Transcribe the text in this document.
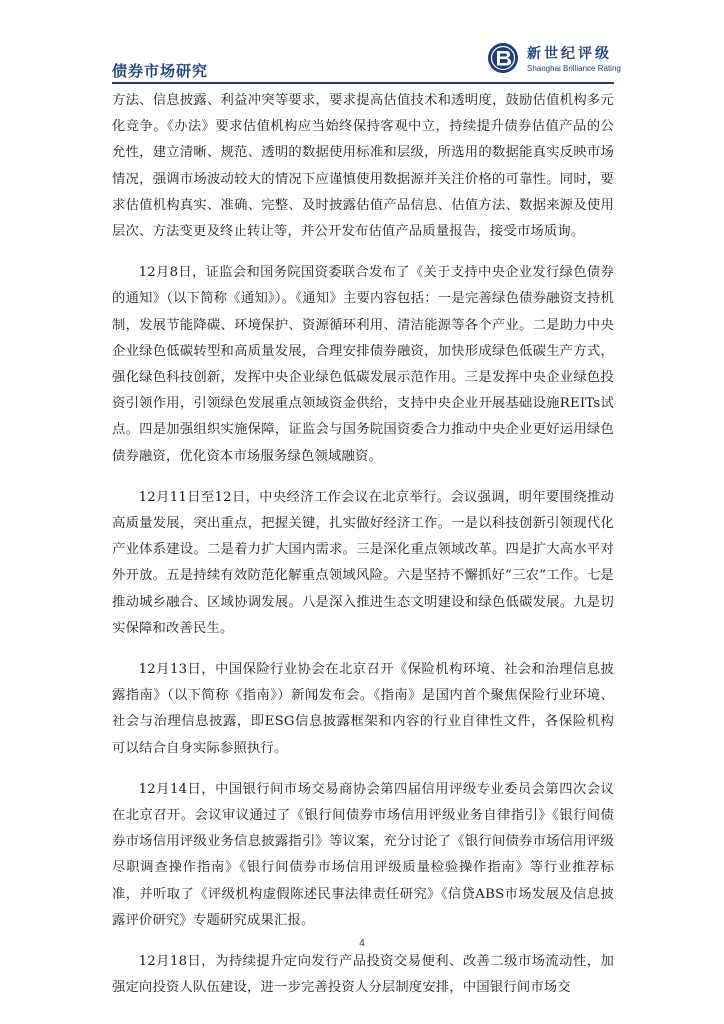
债券市场研究
新世纪评级
Shanghai Brilliance Rating

方法、信息披露、利益冲突等要求，要求提高估值技术和透明度，鼓励估值机构多元化竞争。《办法》要求估值机构应当始终保持客观中立，持续提升债券估值产品的公允性，建立清晰、规范、透明的数据使用标准和层级，所选用的数据能真实反映市场情况，强调市场波动较大的情况下应谨慎使用数据源并关注价格的可靠性。同时，要求估值机构真实、准确、完整、及时披露估值产品信息、估值方法、数据来源及使用层次、方法变更及终止转让等，并公开发布估值产品质量报告，接受市场质询。

12月8日，证监会和国务院国资委联合发布了《关于支持中央企业发行绿色债券的通知》（以下简称《通知》）。《通知》主要内容包括：一是完善绿色债券融资支持机制，发展节能降碳、环境保护、资源循环利用、清洁能源等各个产业。二是助力中央企业绿色低碳转型和高质量发展，合理安排债券融资，加快形成绿色低碳生产方式，强化绿色科技创新，发挥中央企业绿色低碳发展示范作用。三是发挥中央企业绿色投资引领作用，引领绿色发展重点领域资金供给，支持中央企业开展基础设施REITs试点。四是加强组织实施保障，证监会与国务院国资委合力推动中央企业更好运用绿色债券融资，优化资本市场服务绿色领域融资。

12月11日至12日，中央经济工作会议在北京举行。会议强调，明年要围绕推动高质量发展，突出重点，把握关键，扎实做好经济工作。一是以科技创新引领现代化产业体系建设。二是着力扩大国内需求。三是深化重点领域改革。四是扩大高水平对外开放。五是持续有效防范化解重点领域风险。六是坚持不懈抓好“三农”工作。七是推动城乡融合、区域协调发展。八是深入推进生态文明建设和绿色低碳发展。九是切实保障和改善民生。

12月13日，中国保险行业协会在北京召开《保险机构环境、社会和治理信息披露指南》（以下简称《指南》）新闻发布会。《指南》是国内首个聚焦保险行业环境、社会与治理信息披露，即ESG信息披露框架和内容的行业自律性文件，各保险机构可以结合自身实际参照执行。

12月14日，中国银行间市场交易商协会第四届信用评级专业委员会第四次会议在北京召开。会议审议通过了《银行间债券市场信用评级业务自律指引》《银行间债券市场信用评级业务信息披露指引》等议案，充分讨论了《银行间债券市场信用评级尽职调查操作指南》《银行间债券市场信用评级质量检验操作指南》等行业推荐标准，并听取了《评级机构虚假陈述民事法律责任研究》《信贷ABS市场发展及信息披露评价研究》专题研究成果汇报。

12月18日，为持续提升定向发行产品投资交易便利、改善二级市场流动性，加强定向投资人队伍建设，进一步完善投资人分层制度安排，中国银行间市场交

4
